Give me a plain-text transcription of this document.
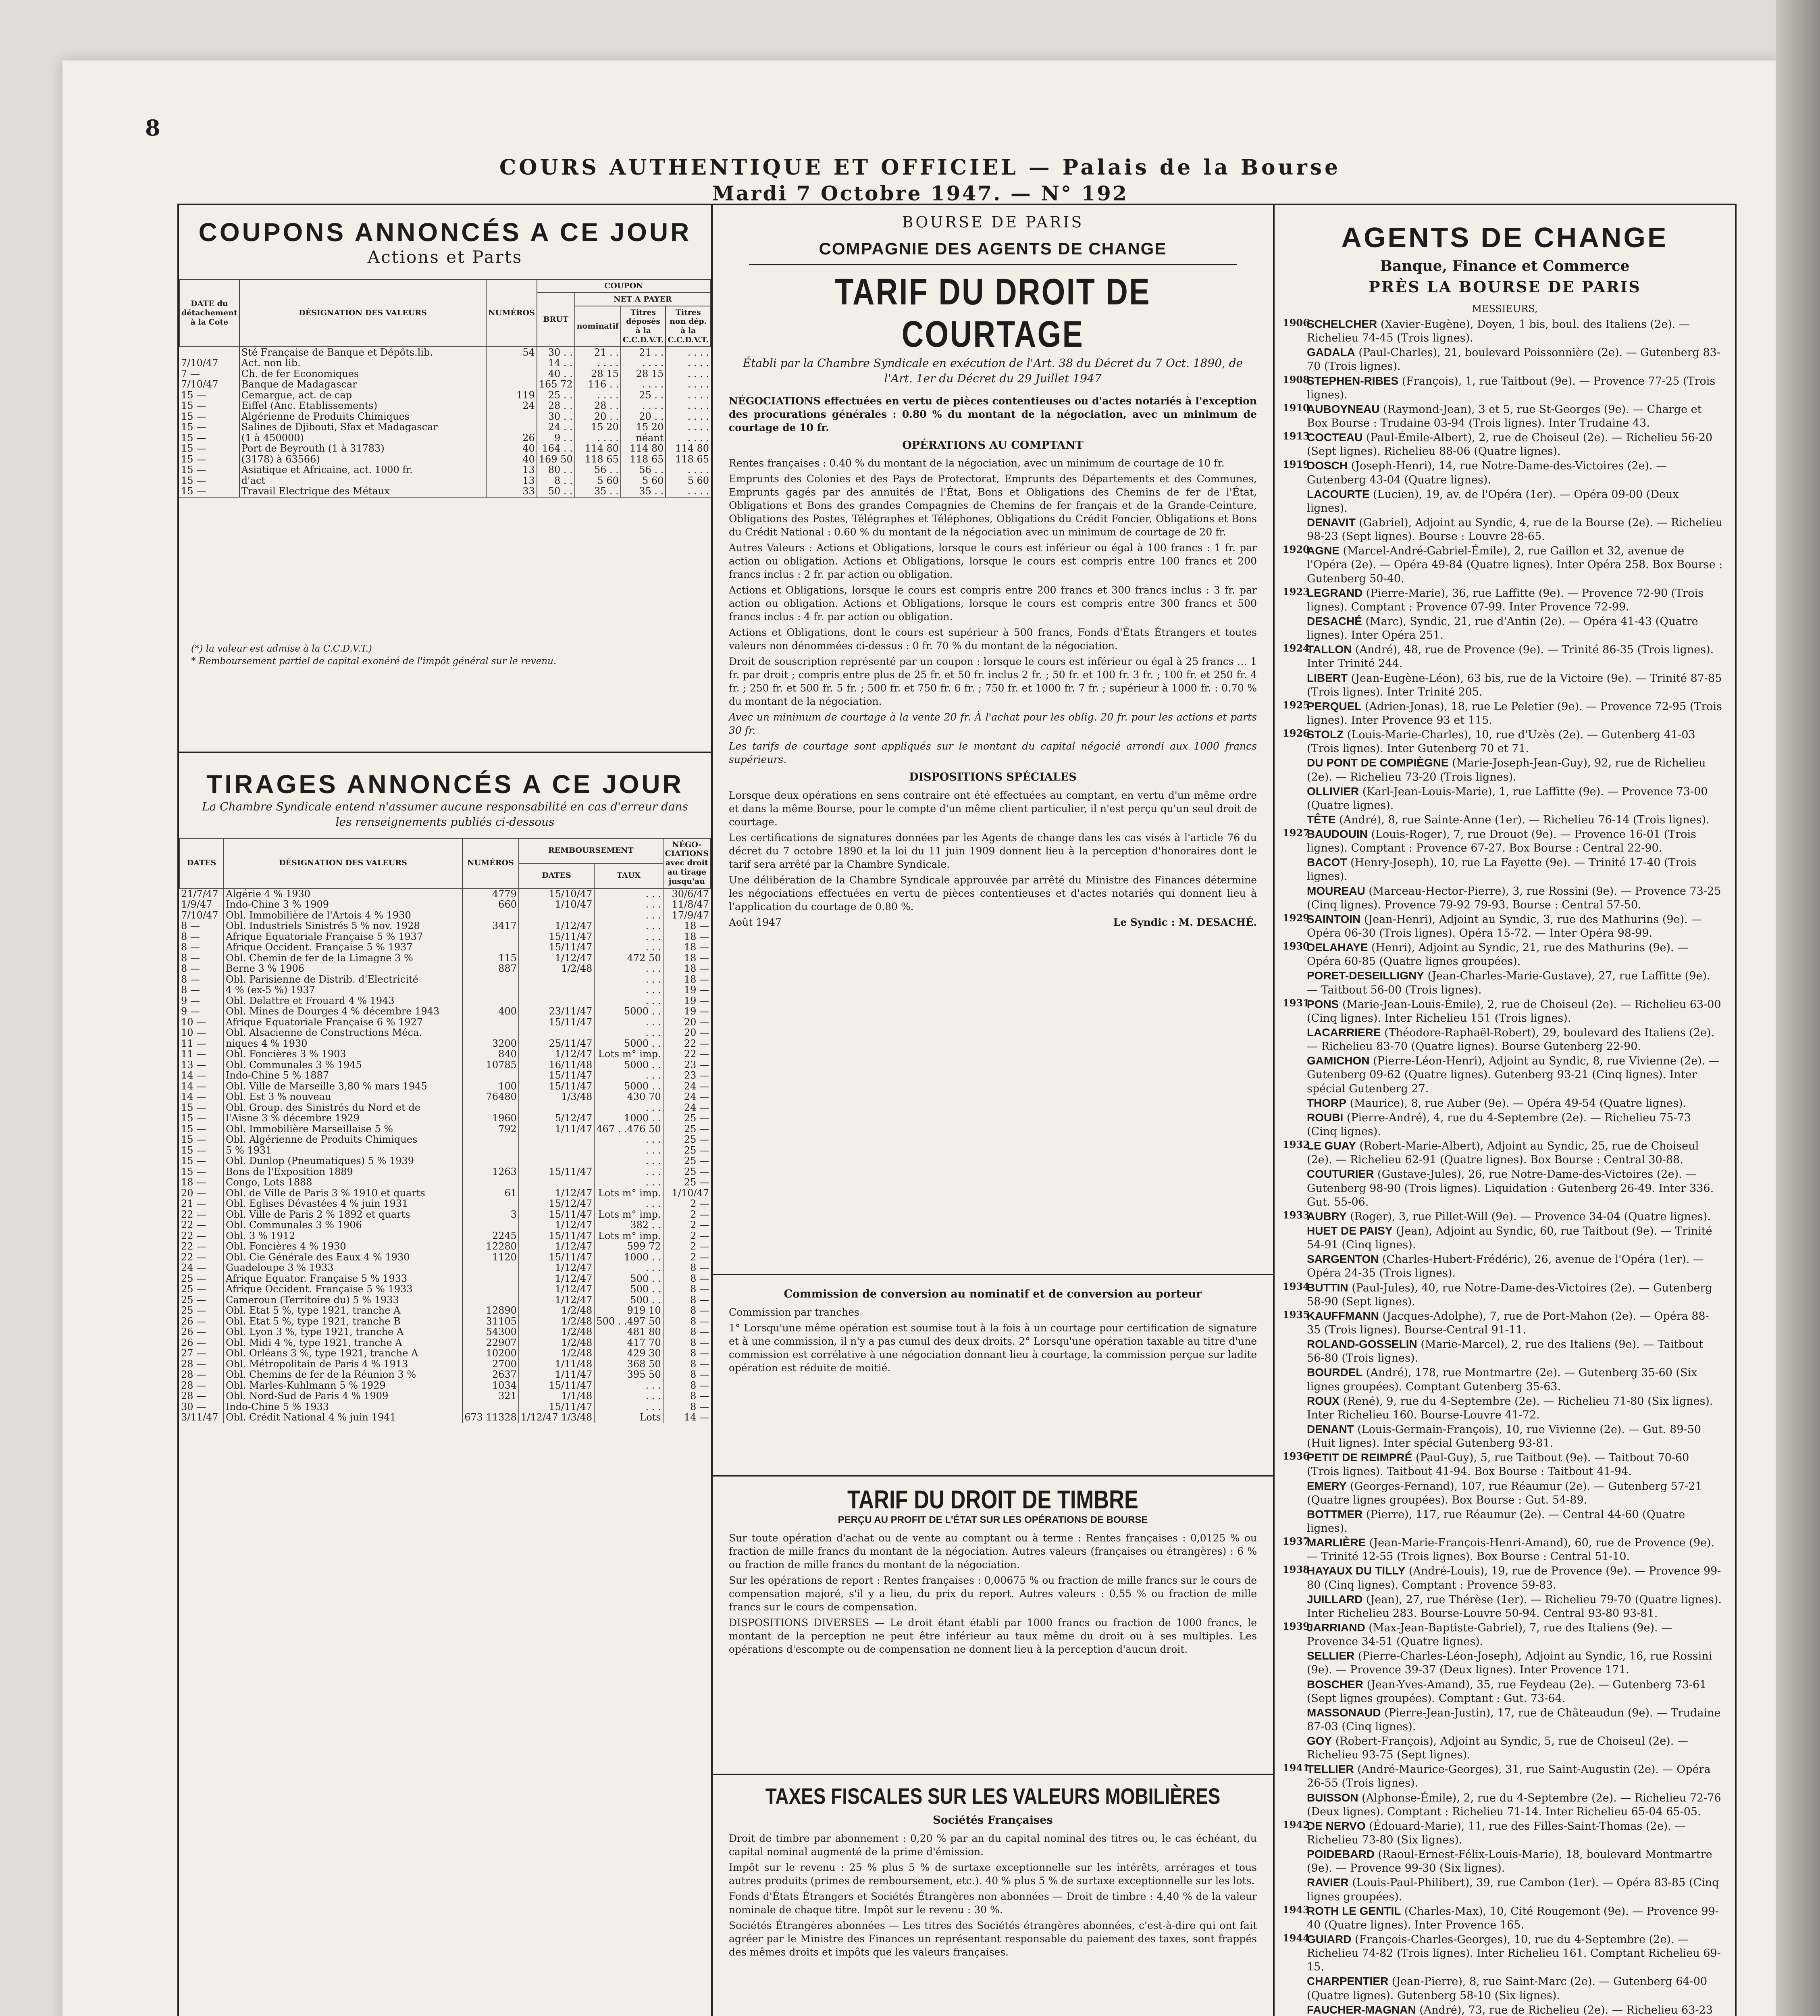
COURS AUTHENTIQUE ET OFFICIEL — Palais de la Bourse
Mardi 7 Octobre 1947. — N° 192
8
COUPONS ANNONCÉS A CE JOUR
Actions et Parts
DATE du détachement à la Cote	DÉSIGNATION DES VALEURS	NUMÉROS	COUPON			
			BRUT	NET A PAYER		
				nominatif	Titres déposés à la C.C.D.V.T.	Titres non dép. à la C.C.D.V.T.
	Sté Française de Banque et Dépôts.lib.	54	30 . .	21 . .	21 . .	. . . .
7/10/47	Act. non lib.		14 . .	. . . .	. . . .	. . . .
7 —	Ch. de fer Economiques		40 . .	28 15	28 15	. . . .
7/10/47	Banque de Madagascar		165 72	116 . .	. . . .	. . . .
15 —	Cemargue, act. de cap	119	25 . .	. . . .	25 . .	. . . .
15 —	Eiffel (Anc. Etablissements)	24	28 . .	28 . .	. . . .	. . . .
15 —	Algérienne de Produits Chimiques		30 . .	20 . .	20 . .	. . . .
15 —	Salines de Djibouti, Sfax et Madagascar		24 . .	15 20	15 20	. . . .
15 —	(1 à 450000)	26	9 . .	. . . .	néant	. . . .
15 —	Port de Beyrouth (1 à 31783)	40	164 . .	114 80	114 80	114 80
15 —	(3178) à 63566)	40	169 50	118 65	118 65	118 65
15 —	Asiatique et Africaine, act. 1000 fr.	13	80 . .	56 . .	56 . .	. . . .
15 —	d'act	13	8 . .	5 60	5 60	5 60
15 —	Travail Electrique des Métaux	33	50 . .	35 . .	35 . .	. . . .
(*) la valeur est admise à la C.C.D.V.T.)
* Remboursement partiel de capital exonéré de l'impôt général sur le revenu.
TIRAGES ANNONCÉS A CE JOUR
La Chambre Syndicale entend n'assumer aucune responsabilité en cas d'erreur dans les renseignements publiés ci-dessous
DATES	DÉSIGNATION DES VALEURS	NUMÉROS	REMBOURSEMENT		NÉGO-CIATIONS avec droit au tirage jusqu'au
			DATES	TAUX	
21/7/47	Algérie 4 % 1930	4779	15/10/47	. . .	30/6/47
1/9/47	Indo-Chine 3 % 1909	660	1/10/47	. . .	11/8/47
7/10/47	Obl. Immobilière de l'Artois 4 % 1930			. . .	17/9/47
8 —	Obl. Industriels Sinistrés 5 % nov. 1928	3417	1/12/47	. . .	18 —
8 —	Afrique Equatoriale Française 5 % 1937		15/11/47	. . .	18 —
8 —	Afrique Occident. Française 5 % 1937		15/11/47	. . .	18 —
8 —	Obl. Chemin de fer de la Limagne 3 %	115	1/12/47	472 50	18 —
8 —	Berne 3 % 1906	887	1/2/48	. . .	18 —
8 —	Obl. Parisienne de Distrib. d'Electricité			. . .	18 —
8 —	4 % (ex-5 %) 1937			. . .	19 —
9 —	Obl. Delattre et Frouard 4 % 1943			. . .	19 —
9 —	Obl. Mines de Dourges 4 % décembre 1943	400	23/11/47	5000 . .	19 —
10 —	Afrique Equatoriale Française 6 % 1927		15/11/47	. . .	20 —
10 —	Obl. Alsacienne de Constructions Méca.			. . .	20 —
11 —	niques 4 % 1930	3200	25/11/47	5000 . .	22 —
11 —	Obl. Foncières 3 % 1903	840	1/12/47	Lots m° imp.	22 —
13 —	Obl. Communales 3 % 1945	10785	16/11/48	5000 . .	23 —
14 —	Indo-Chine 5 % 1887		15/11/47	. . .	23 —
14 —	Obl. Ville de Marseille 3,80 % mars 1945	100	15/11/47	5000 . .	24 —
14 —	Obl. Est 3 % nouveau	76480	1/3/48	430 70	24 —
15 —	Obl. Group. des Sinistrés du Nord et de			. . .	24 —
15 —	l'Aisne 3 % décembre 1929	1960	5/12/47	1000 . .	25 —
15 —	Obl. Immobilière Marseillaise 5 %	792	1/11/47	467 . .476 50	25 —
15 —	Obl. Algérienne de Produits Chimiques			. . .	25 —
15 —	5 % 1931			. . .	25 —
15 —	Obl. Dunlop (Pneumatiques) 5 % 1939			. . .	25 —
15 —	Bons de l'Exposition 1889	1263	15/11/47	. . .	25 —
18 —	Congo, Lots 1888			. . .	25 —
20 —	Obl. de Ville de Paris 3 % 1910 et quarts	61	1/12/47	Lots m° imp.	1/10/47
21 —	Obl. Eglises Dévastées 4 % juin 1931		15/12/47	. . .	2 —
22 —	Obl. Ville de Paris 2 % 1892 et quarts	3	15/11/47	Lots m° imp.	2 —
22 —	Obl. Communales 3 % 1906		1/12/47	382 . .	2 —
22 —	Obl. 3 % 1912	2245	15/11/47	Lots m° imp.	2 —
22 —	Obl. Foncières 4 % 1930	12280	1/12/47	599 72	2 —
22 —	Obl. Cie Générale des Eaux 4 % 1930	1120	15/11/47	1000 . .	2 —
24 —	Guadeloupe 3 % 1933		1/12/47	. . .	8 —
25 —	Afrique Equator. Française 5 % 1933		1/12/47	500 . .	8 —
25 —	Afrique Occident. Française 5 % 1933		1/12/47	500 . .	8 —
25 —	Cameroun (Territoire du) 5 % 1933		1/12/47	500 . .	8 —
25 —	Obl. Etat 5 %, type 1921, tranche A	12890	1/2/48	919 10	8 —
26 —	Obl. Etat 5 %, type 1921, tranche B	31105	1/2/48	500 . .497 50	8 —
26 —	Obl. Lyon 3 %, type 1921, tranche A	54300	1/2/48	481 80	8 —
26 —	Obl. Midi 4 %, type 1921, tranche A	22907	1/2/48	417 70	8 —
27 —	Obl. Orléans 3 %, type 1921, tranche A	10200	1/2/48	429 30	8 —
28 —	Obl. Métropolitain de Paris 4 % 1913	2700	1/11/48	368 50	8 —
28 —	Obl. Chemins de fer de la Réunion 3 %	2637	1/11/47	395 50	8 —
28 —	Obl. Marles-Kuhlmann 5 % 1929	1034	15/11/47	. . .	8 —
28 —	Obl. Nord-Sud de Paris 4 % 1909	321	1/1/48	. . .	8 —
30 —	Indo-Chine 5 % 1933		15/11/47	. . .	8 —
3/11/47	Obl. Crédit National 4 % juin 1941	673 11328	1/12/47 1/3/48	Lots	14 —
BOURSE DE PARIS
COMPAGNIE DES AGENTS DE CHANGE
TARIF DU DROIT DE COURTAGE
Établi par la Chambre Syndicale en exécution de l'Art. 38 du Décret du 7 Oct. 1890, de l'Art. 1er du Décret du 29 Juillet 1947

NÉGOCIATIONS effectuées en vertu de pièces contentieuses ou d'actes notariés à l'exception des procurations générales : 0.80 % du montant de la négociation, avec un minimum de courtage de 10 fr.

OPÉRATIONS AU COMPTANT

Rentes françaises : 0.40 % du montant de la négociation, avec un minimum de courtage de 10 fr.

Emprunts des Colonies et des Pays de Protectorat, Emprunts des Départements et des Communes, Emprunts gagés par des annuités de l'État, Bons et Obligations des Chemins de fer de l'État, Obligations et Bons des grandes Compagnies de Chemins de fer français et de la Grande-Ceinture, Obligations des Postes, Télégraphes et Téléphones, Obligations du Crédit Foncier, Obligations et Bons du Crédit National : 0.60 % du montant de la négociation avec un minimum de courtage de 20 fr.

Autres Valeurs : Actions et Obligations, lorsque le cours est inférieur ou égal à 100 francs : 1 fr. par action ou obligation. Actions et Obligations, lorsque le cours est compris entre 100 francs et 200 francs inclus : 2 fr. par action ou obligation.

Actions et Obligations, lorsque le cours est compris entre 200 francs et 300 francs inclus : 3 fr. par action ou obligation. Actions et Obligations, lorsque le cours est compris entre 300 francs et 500 francs inclus : 4 fr. par action ou obligation.

Actions et Obligations, dont le cours est supérieur à 500 francs, Fonds d'États Étrangers et toutes valeurs non dénommées ci-dessus : 0 fr. 70 % du montant de la négociation.

Droit de souscription représenté par un coupon : lorsque le cours est inférieur ou égal à 25 francs … 1 fr. par droit ; compris entre plus de 25 fr. et 50 fr. inclus 2 fr. ; 50 fr. et 100 fr. 3 fr. ; 100 fr. et 250 fr. 4 fr. ; 250 fr. et 500 fr. 5 fr. ; 500 fr. et 750 fr. 6 fr. ; 750 fr. et 1000 fr. 7 fr. ; supérieur à 1000 fr. : 0.70 % du montant de la négociation.

Avec un minimum de courtage à la vente 20 fr. À l'achat pour les oblig. 20 fr. pour les actions et parts 30 fr.

Les tarifs de courtage sont appliqués sur le montant du capital négocié arrondi aux 1000 francs supérieurs.

DISPOSITIONS SPÉCIALES

Lorsque deux opérations en sens contraire ont été effectuées au comptant, en vertu d'un même ordre et dans la même Bourse, pour le compte d'un même client particulier, il n'est perçu qu'un seul droit de courtage.

Les certifications de signatures données par les Agents de change dans les cas visés à l'article 76 du décret du 7 octobre 1890 et la loi du 11 juin 1909 donnent lieu à la perception d'honoraires dont le tarif sera arrêté par la Chambre Syndicale.

Une délibération de la Chambre Syndicale approuvée par arrêté du Ministre des Finances détermine les négociations effectuées en vertu de pièces contentieuses et d'actes notariés qui donnent lieu à l'application du courtage de 0.80 %.

Août 1947	Le Syndic : M. DESACHÉ.

Commission de conversion au nominatif et de conversion au porteur

Commission par tranches

1° Lorsqu'une même opération est soumise tout à la fois à un courtage pour certification de signature et à une commission, il n'y a pas cumul des deux droits. 2° Lorsqu'une opération taxable au titre d'une commission est corrélative à une négociation donnant lieu à courtage, la commission perçue sur ladite opération est réduite de moitié.

TARIF DU DROIT DE TIMBRE
PERÇU AU PROFIT DE L'ÉTAT SUR LES OPÉRATIONS DE BOURSE

Sur toute opération d'achat ou de vente au comptant ou à terme : Rentes françaises : 0,0125 % ou fraction de mille francs du montant de la négociation. Autres valeurs (françaises ou étrangères) : 6 % ou fraction de mille francs du montant de la négociation.

Sur les opérations de report : Rentes françaises : 0,00675 % ou fraction de mille francs sur le cours de compensation majoré, s'il y a lieu, du prix du report. Autres valeurs : 0,55 % ou fraction de mille francs sur le cours de compensation.

DISPOSITIONS DIVERSES — Le droit étant établi par 1000 francs ou fraction de 1000 francs, le montant de la perception ne peut être inférieur au taux même du droit ou à ses multiples. Les opérations d'escompte ou de compensation ne donnent lieu à la perception d'aucun droit.

TAXES FISCALES SUR LES VALEURS MOBILIÈRES

Sociétés Françaises

Droit de timbre par abonnement : 0,20 % par an du capital nominal des titres ou, le cas échéant, du capital nominal augmenté de la prime d'émission.

Impôt sur le revenu : 25 % plus 5 % de surtaxe exceptionnelle sur les intérêts, arrérages et tous autres produits (primes de remboursement, etc.). 40 % plus 5 % de surtaxe exceptionnelle sur les lots.

Fonds d'États Étrangers et Sociétés Étrangères non abonnées — Droit de timbre : 4,40 % de la valeur nominale de chaque titre. Impôt sur le revenu : 30 %.

Sociétés Étrangères abonnées — Les titres des Sociétés étrangères abonnées, c'est-à-dire qui ont fait agréer par le Ministre des Finances un représentant responsable du paiement des taxes, sont frappés des mêmes droits et impôts que les valeurs françaises.

AGENTS DE CHANGE
Banque, Finance et Commerce
PRÈS LA BOURSE DE PARIS
MESSIEURS,
1906
SCHELCHER (Xavier-Eugène), Doyen, 1 bis, boul. des Italiens (2e). — Richelieu 74-45 (Trois lignes).
GADALA (Paul-Charles), 21, boulevard Poissonnière (2e). — Gutenberg 83-70 (Trois lignes).
1908
STEPHEN-RIBES (François), 1, rue Taitbout (9e). — Provence 77-25 (Trois lignes).
1910
AUBOYNEAU (Raymond-Jean), 3 et 5, rue St-Georges (9e). — Charge et Box Bourse : Trudaine 03-94 (Trois lignes). Inter Trudaine 43.
1913
COCTEAU (Paul-Émile-Albert), 2, rue de Choiseul (2e). — Richelieu 56-20 (Sept lignes). Richelieu 88-06 (Quatre lignes).
1919
DOSCH (Joseph-Henri), 14, rue Notre-Dame-des-Victoires (2e). — Gutenberg 43-04 (Quatre lignes).
LACOURTE (Lucien), 19, av. de l'Opéra (1er). — Opéra 09-00 (Deux lignes).
DENAVIT (Gabriel), Adjoint au Syndic, 4, rue de la Bourse (2e). — Richelieu 98-23 (Sept lignes). Bourse : Louvre 28-65.
1920
AGNE (Marcel-André-Gabriel-Émile), 2, rue Gaillon et 32, avenue de l'Opéra (2e). — Opéra 49-84 (Quatre lignes). Inter Opéra 258. Box Bourse : Gutenberg 50-40.
1923
LEGRAND (Pierre-Marie), 36, rue Laffitte (9e). — Provence 72-90 (Trois lignes). Comptant : Provence 07-99. Inter Provence 72-99.
DESACHÉ (Marc), Syndic, 21, rue d'Antin (2e). — Opéra 41-43 (Quatre lignes). Inter Opéra 251.
1924
TALLON (André), 48, rue de Provence (9e). — Trinité 86-35 (Trois lignes). Inter Trinité 244.
LIBERT (Jean-Eugène-Léon), 63 bis, rue de la Victoire (9e). — Trinité 87-85 (Trois lignes). Inter Trinité 205.
1925
PERQUEL (Adrien-Jonas), 18, rue Le Peletier (9e). — Provence 72-95 (Trois lignes). Inter Provence 93 et 115.
1926
STOLZ (Louis-Marie-Charles), 10, rue d'Uzès (2e). — Gutenberg 41-03 (Trois lignes). Inter Gutenberg 70 et 71.
DU PONT DE COMPIÈGNE (Marie-Joseph-Jean-Guy), 92, rue de Richelieu (2e). — Richelieu 73-20 (Trois lignes).
OLLIVIER (Karl-Jean-Louis-Marie), 1, rue Laffitte (9e). — Provence 73-00 (Quatre lignes).
TÊTE (André), 8, rue Sainte-Anne (1er). — Richelieu 76-14 (Trois lignes).
1927
BAUDOUIN (Louis-Roger), 7, rue Drouot (9e). — Provence 16-01 (Trois lignes). Comptant : Provence 67-27. Box Bourse : Central 22-90.
BACOT (Henry-Joseph), 10, rue La Fayette (9e). — Trinité 17-40 (Trois lignes).
MOUREAU (Marceau-Hector-Pierre), 3, rue Rossini (9e). — Provence 73-25 (Cinq lignes). Provence 79-92 79-93. Bourse : Central 57-50.
1929
SAINTOIN (Jean-Henri), Adjoint au Syndic, 3, rue des Mathurins (9e). — Opéra 06-30 (Trois lignes). Opéra 15-72. — Inter Opéra 98-99.
1930
DELAHAYE (Henri), Adjoint au Syndic, 21, rue des Mathurins (9e). — Opéra 60-85 (Quatre lignes groupées).
PORET-DESEILLIGNY (Jean-Charles-Marie-Gustave), 27, rue Laffitte (9e). — Taitbout 56-00 (Trois lignes).
1931
PONS (Marie-Jean-Louis-Émile), 2, rue de Choiseul (2e). — Richelieu 63-00 (Cinq lignes). Inter Richelieu 151 (Trois lignes).
LACARRIERE (Théodore-Raphaël-Robert), 29, boulevard des Italiens (2e). — Richelieu 83-70 (Quatre lignes). Bourse Gutenberg 22-90.
GAMICHON (Pierre-Léon-Henri), Adjoint au Syndic, 8, rue Vivienne (2e). — Gutenberg 09-62 (Quatre lignes). Gutenberg 93-21 (Cinq lignes). Inter spécial Gutenberg 27.
THORP (Maurice), 8, rue Auber (9e). — Opéra 49-54 (Quatre lignes).
ROUBI (Pierre-André), 4, rue du 4-Septembre (2e). — Richelieu 75-73 (Cinq lignes).
1932
LE GUAY (Robert-Marie-Albert), Adjoint au Syndic, 25, rue de Choiseul (2e). — Richelieu 62-91 (Quatre lignes). Box Bourse : Central 30-88.
COUTURIER (Gustave-Jules), 26, rue Notre-Dame-des-Victoires (2e). — Gutenberg 98-90 (Trois lignes). Liquidation : Gutenberg 26-49. Inter 336. Gut. 55-06.
1933
AUBRY (Roger), 3, rue Pillet-Will (9e). — Provence 34-04 (Quatre lignes).
HUET DE PAISY (Jean), Adjoint au Syndic, 60, rue Taitbout (9e). — Trinité 54-91 (Cinq lignes).
SARGENTON (Charles-Hubert-Frédéric), 26, avenue de l'Opéra (1er). — Opéra 24-35 (Trois lignes).
1934
BUTTIN (Paul-Jules), 40, rue Notre-Dame-des-Victoires (2e). — Gutenberg 58-90 (Sept lignes).
1935
KAUFFMANN (Jacques-Adolphe), 7, rue de Port-Mahon (2e). — Opéra 88-35 (Trois lignes). Bourse-Central 91-11.
ROLAND-GOSSELIN (Marie-Marcel), 2, rue des Italiens (9e). — Taitbout 56-80 (Trois lignes).
BOURDEL (André), 178, rue Montmartre (2e). — Gutenberg 35-60 (Six lignes groupées). Comptant Gutenberg 35-63.
ROUX (René), 9, rue du 4-Septembre (2e). — Richelieu 71-80 (Six lignes). Inter Richelieu 160. Bourse-Louvre 41-72.
DENANT (Louis-Germain-François), 10, rue Vivienne (2e). — Gut. 89-50 (Huit lignes). Inter spécial Gutenberg 93-81.
1936
PETIT DE REIMPRÉ (Paul-Guy), 5, rue Taitbout (9e). — Taitbout 70-60 (Trois lignes). Taitbout 41-94. Box Bourse : Taitbout 41-94.
EMERY (Georges-Fernand), 107, rue Réaumur (2e). — Gutenberg 57-21 (Quatre lignes groupées). Box Bourse : Gut. 54-89.
BOTTMER (Pierre), 117, rue Réaumur (2e). — Central 44-60 (Quatre lignes).
1937
MARLIÈRE (Jean-Marie-François-Henri-Amand), 60, rue de Provence (9e). — Trinité 12-55 (Trois lignes). Box Bourse : Central 51-10.
1938
HAYAUX DU TILLY (André-Louis), 19, rue de Provence (9e). — Provence 99-80 (Cinq lignes). Comptant : Provence 59-83.
JUILLARD (Jean), 27, rue Thérèse (1er). — Richelieu 79-70 (Quatre lignes). Inter Richelieu 283. Bourse-Louvre 50-94. Central 93-80 93-81.
1939
JARRIAND (Max-Jean-Baptiste-Gabriel), 7, rue des Italiens (9e). — Provence 34-51 (Quatre lignes).
SELLIER (Pierre-Charles-Léon-Joseph), Adjoint au Syndic, 16, rue Rossini (9e). — Provence 39-37 (Deux lignes). Inter Provence 171.
BOSCHER (Jean-Yves-Amand), 35, rue Feydeau (2e). — Gutenberg 73-61 (Sept lignes groupées). Comptant : Gut. 73-64.
MASSONAUD (Pierre-Jean-Justin), 17, rue de Châteaudun (9e). — Trudaine 87-03 (Cinq lignes).
GOY (Robert-François), Adjoint au Syndic, 5, rue de Choiseul (2e). — Richelieu 93-75 (Sept lignes).
1941
TELLIER (André-Maurice-Georges), 31, rue Saint-Augustin (2e). — Opéra 26-55 (Trois lignes).
BUISSON (Alphonse-Émile), 2, rue du 4-Septembre (2e). — Richelieu 72-76 (Deux lignes). Comptant : Richelieu 71-14. Inter Richelieu 65-04 65-05.
1942
DE NERVO (Édouard-Marie), 11, rue des Filles-Saint-Thomas (2e). — Richelieu 73-80 (Six lignes).
POIDEBARD (Raoul-Ernest-Félix-Louis-Marie), 18, boulevard Montmartre (9e). — Provence 99-30 (Six lignes).
RAVIER (Louis-Paul-Philibert), 39, rue Cambon (1er). — Opéra 83-85 (Cinq lignes groupées).
1943
ROTH LE GENTIL (Charles-Max), 10, Cité Rougemont (9e). — Provence 99-40 (Quatre lignes). Inter Provence 165.
1944
GUIARD (François-Charles-Georges), 10, rue du 4-Septembre (2e). — Richelieu 74-82 (Trois lignes). Inter Richelieu 161. Comptant Richelieu 69-15.
CHARPENTIER (Jean-Pierre), 8, rue Saint-Marc (2e). — Gutenberg 64-00 (Quatre lignes). Gutenberg 58-10 (Six lignes).
FAUCHER-MAGNAN (André), 73, rue de Richelieu (2e). — Richelieu 63-23
